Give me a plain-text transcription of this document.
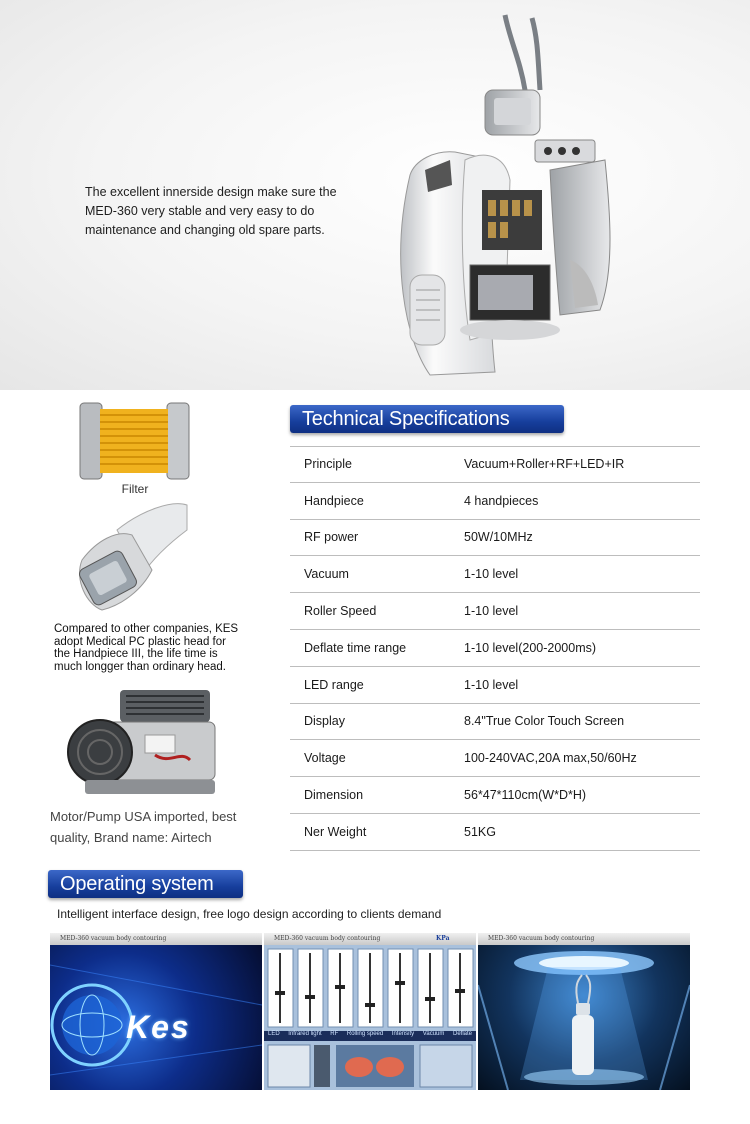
The excellent innerside design make sure the
MED-360 very stable and very easy to do
maintenance and changing old spare parts.
Filter
Compared to other companies, KES
adopt Medical PC plastic head for
the Handpiece III, the life time is
much longger than ordinary head.
Motor/Pump USA imported, best
quality, Brand name: Airtech
Technical Specifications
Principle	Vacuum+Roller+RF+LED+IR
Handpiece	4 handpieces
RF power	50W/10MHz
Vacuum	1-10 level
Roller Speed	1-10 level
Deflate time range	1-10 level(200-2000ms)
LED range	1-10 level
Display	8.4"True Color Touch Screen
Voltage	100-240VAC,20A max,50/60Hz
Dimension	56*47*110cm(W*D*H)
Ner Weight	51KG
Operating system
Intelligent interface design, free logo design according to clients demand
MED-360 vacuum body contouring
Kes
MED-360 vacuum body contouring	KPa
LED Infrared light RF Rolling speed Intensity Vacuum Deflate
MED-360 vacuum body contouring
